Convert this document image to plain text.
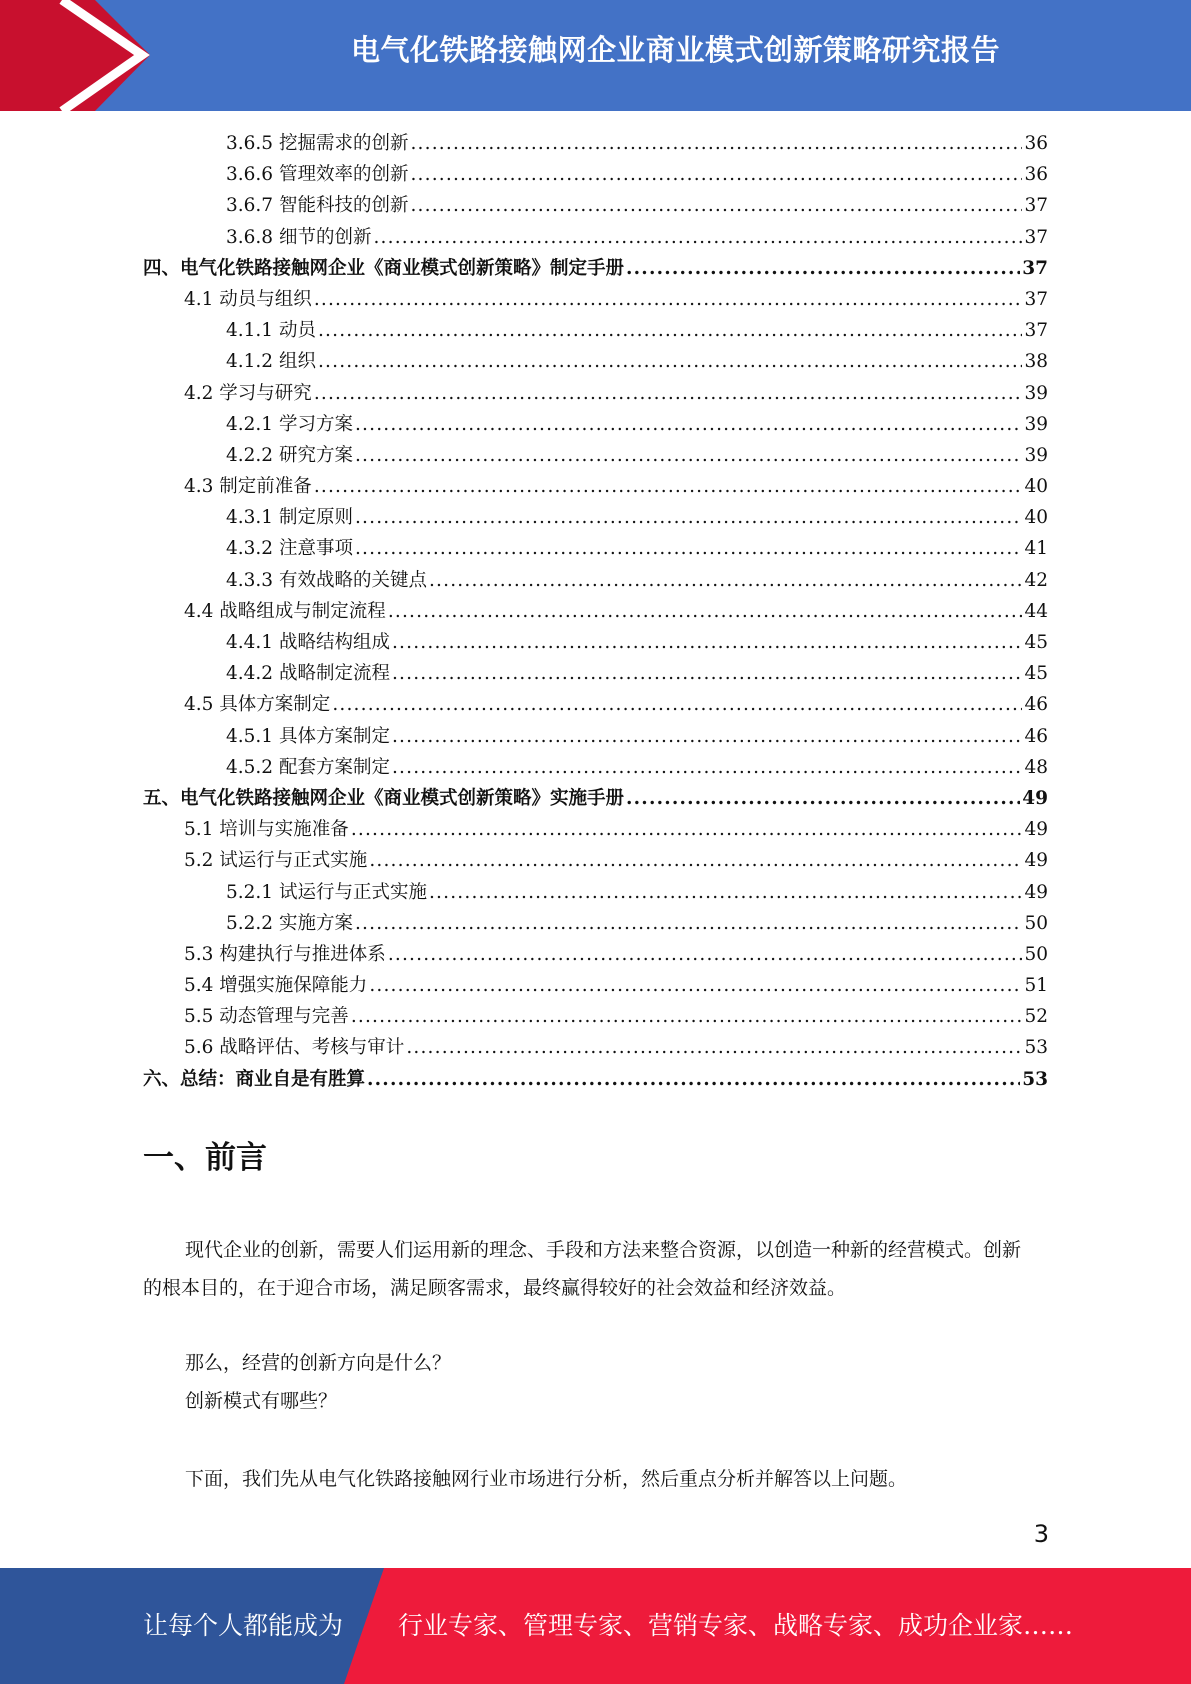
电气化铁路接触网企业商业模式创新策略研究报告
3.6.5 挖掘需求的创新 .....	36
3.6.6 管理效率的创新 .....	36
3.6.7 智能科技的创新 .....	37
3.6.8 细节的创新 .....	37
四、电气化铁路接触网企业《商业模式创新策略》制定手册 .....	37
4.1 动员与组织 .....	37
4.1.1 动员 .....	37
4.1.2 组织 .....	38
4.2 学习与研究 .....	39
4.2.1 学习方案 .....	39
4.2.2 研究方案 .....	39
4.3 制定前准备 .....	40
4.3.1 制定原则 .....	40
4.3.2 注意事项 .....	41
4.3.3 有效战略的关键点 .....	42
4.4 战略组成与制定流程 .....	44
4.4.1 战略结构组成 .....	45
4.4.2 战略制定流程 .....	45
4.5 具体方案制定 .....	46
4.5.1 具体方案制定 .....	46
4.5.2 配套方案制定 .....	48
五、电气化铁路接触网企业《商业模式创新策略》实施手册 .....	49
5.1 培训与实施准备 .....	49
5.2 试运行与正式实施 .....	49
5.2.1 试运行与正式实施 .....	49
5.2.2 实施方案 .....	50
5.3 构建执行与推进体系 .....	50
5.4 增强实施保障能力 .....	51
5.5 动态管理与完善 .....	52
5.6 战略评估、考核与审计 .....	53
六、总结：商业自是有胜算 .....	53
一、前言

现代企业的创新，需要人们运用新的理念、手段和方法来整合资源，以创造一种新的经营模式。创新的根本目的，在于迎合市场，满足顾客需求，最终赢得较好的社会效益和经济效益。

那么，经营的创新方向是什么？

创新模式有哪些？

下面，我们先从电气化铁路接触网行业市场进行分析，然后重点分析并解答以上问题。

3
让每个人都能成为 行业专家、管理专家、营销专家、战略专家、成功企业家……
